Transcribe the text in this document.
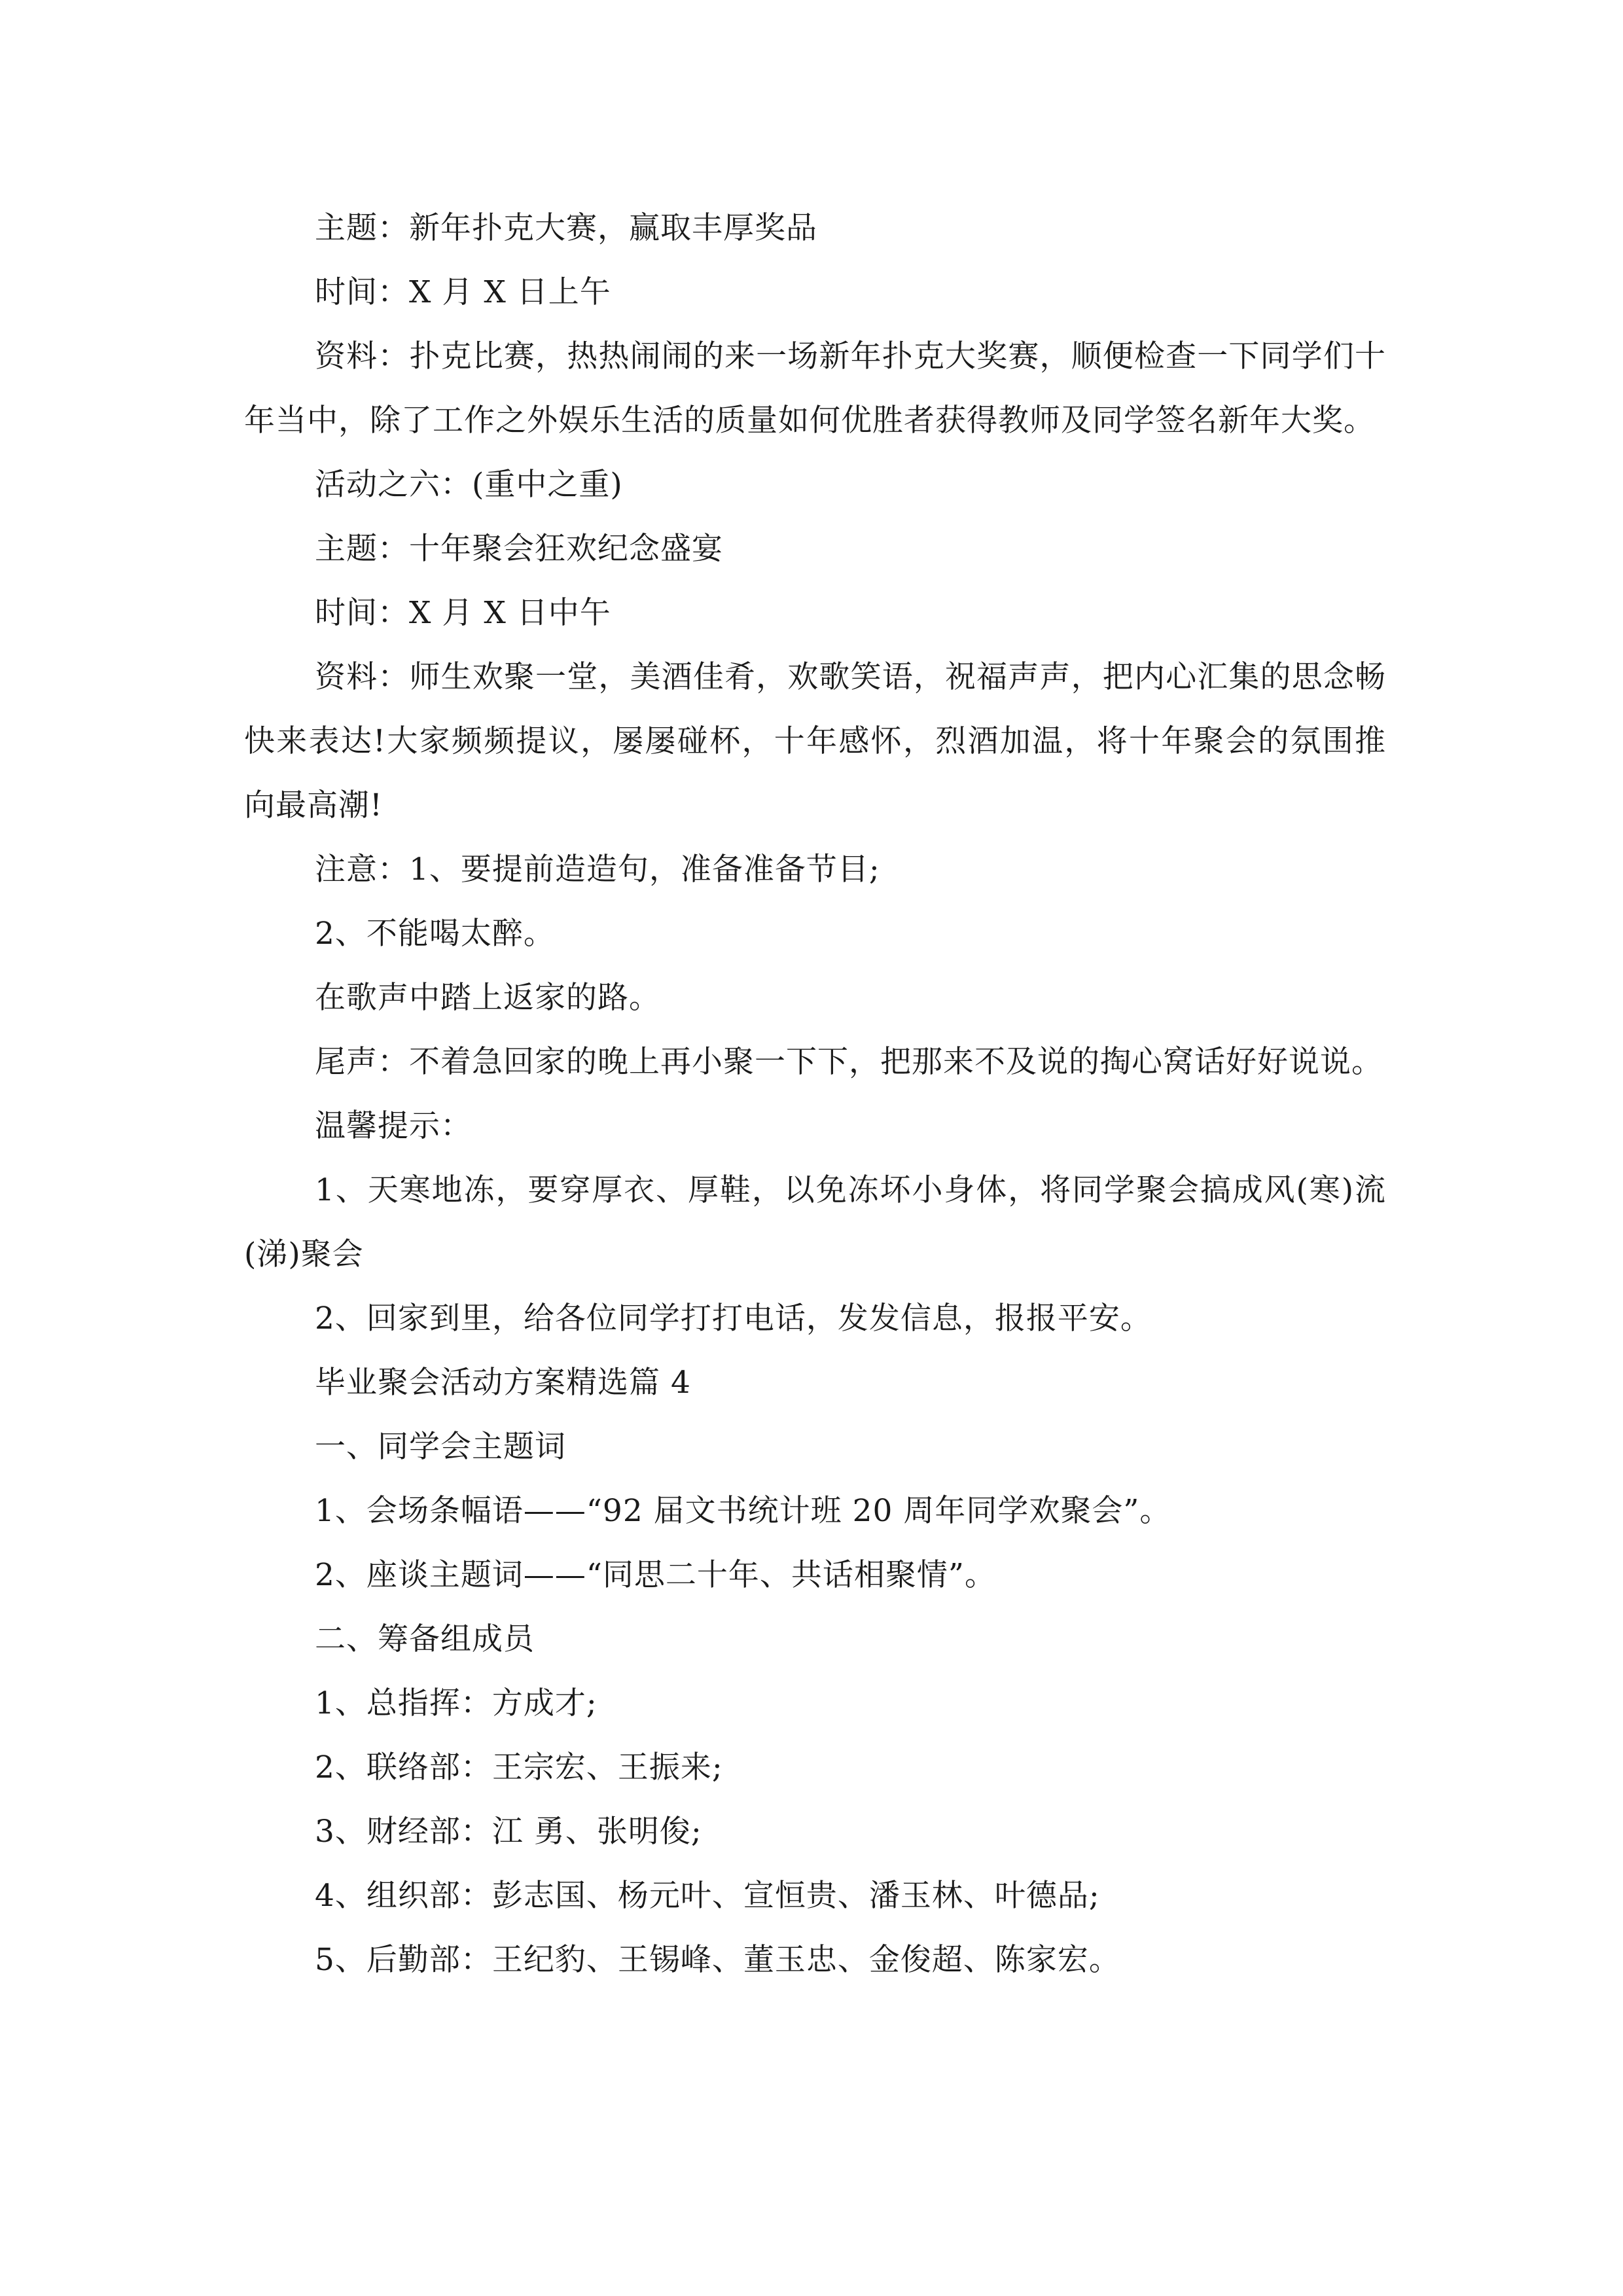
主题：新年扑克大赛，赢取丰厚奖品

时间：X 月 X 日上午

资料：扑克比赛，热热闹闹的来一场新年扑克大奖赛，顺便检查一下同学们十年当中，除了工作之外娱乐生活的质量如何优胜者获得教师及同学签名新年大奖。

活动之六：(重中之重)

主题：十年聚会狂欢纪念盛宴

时间：X 月 X 日中午

资料：师生欢聚一堂，美酒佳肴，欢歌笑语，祝福声声，把内心汇集的思念畅快来表达!大家频频提议，屡屡碰杯，十年感怀，烈酒加温，将十年聚会的氛围推向最高潮!

注意：1、要提前造造句，准备准备节目;

2、不能喝太醉。

在歌声中踏上返家的路。

尾声：不着急回家的晚上再小聚一下下，把那来不及说的掏心窝话好好说说。

温馨提示：

1、天寒地冻，要穿厚衣、厚鞋，以免冻坏小身体，将同学聚会搞成风(寒)流(涕)聚会

2、回家到里，给各位同学打打电话，发发信息，报报平安。

毕业聚会活动方案精选篇 4

一、同学会主题词

1、会场条幅语——“92 届文书统计班 20 周年同学欢聚会”。

2、座谈主题词——“同思二十年、共话相聚情”。

二、筹备组成员

1、总指挥：方成才;

2、联络部：王宗宏、王振来;

3、财经部：江 勇、张明俊;

4、组织部：彭志国、杨元叶、宣恒贵、潘玉林、叶德品;

5、后勤部：王纪豹、王锡峰、董玉忠、金俊超、陈家宏。
